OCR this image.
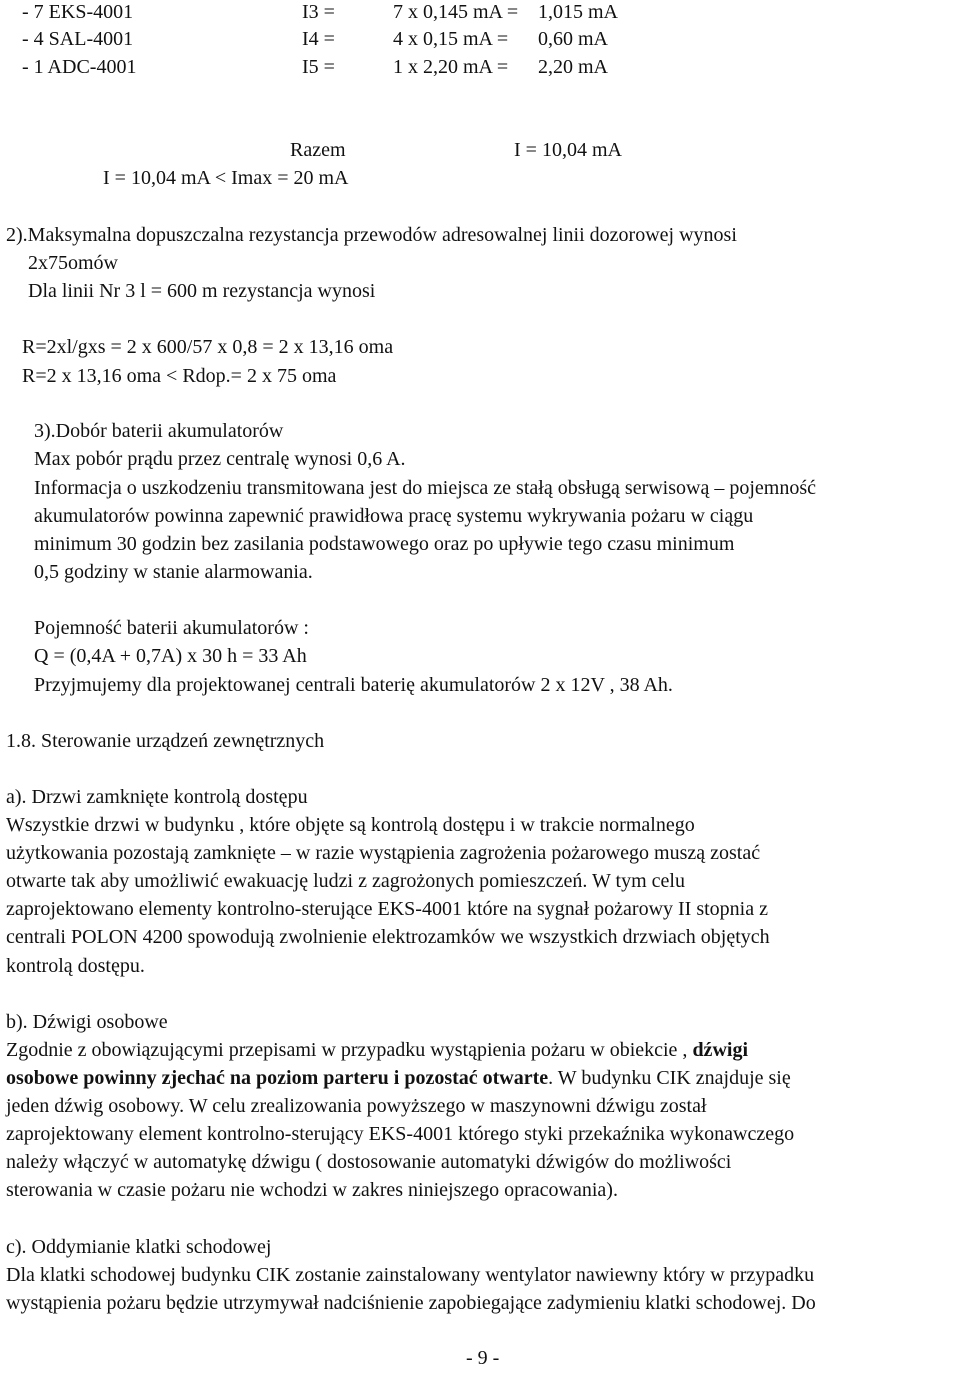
- 7 EKS-4001	I3 =	7 x 0,145 mA = 1,015 mA
- 4 SAL-4001	I4 =	4 x 0,15 mA = 0,60 mA
- 1 ADC-4001	I5 =	1 x 2,20 mA = 2,20 mA
Razem	I = 10,04 mA
I = 10,04 mA < Imax = 20 mA
2).Maksymalna dopuszczalna rezystancja przewodów adresowalnej linii dozorowej wynosi
2x75omów
Dla linii Nr 3 l = 600 m rezystancja wynosi
R=2xl/gxs = 2 x 600/57 x 0,8 = 2 x 13,16 oma
R=2 x 13,16 oma < Rdop.= 2 x 75 oma
3).Dobór baterii akumulatorów
Max pobór prądu przez centralę wynosi 0,6 A.
Informacja o uszkodzeniu transmitowana jest do miejsca ze stałą obsługą serwisową – pojemność
akumulatorów powinna zapewnić prawidłowa pracę systemu wykrywania pożaru w ciągu
minimum 30 godzin bez zasilania podstawowego oraz po upływie tego czasu minimum
0,5 godziny w stanie alarmowania.
Pojemność baterii akumulatorów :
Q = (0,4A + 0,7A) x 30 h = 33 Ah
Przyjmujemy dla projektowanej centrali baterię akumulatorów 2 x 12V , 38 Ah.
1.8. Sterowanie urządzeń zewnętrznych
a). Drzwi zamknięte kontrolą dostępu
Wszystkie drzwi w budynku , które objęte są kontrolą dostępu i w trakcie normalnego
użytkowania pozostają zamknięte – w razie wystąpienia zagrożenia pożarowego muszą zostać
otwarte tak aby umożliwić ewakuację ludzi z zagrożonych pomieszczeń. W tym celu
zaprojektowano elementy kontrolno-sterujące EKS-4001 które na sygnał pożarowy II stopnia z
centrali POLON 4200 spowodują zwolnienie elektrozamków we wszystkich drzwiach objętych
kontrolą dostępu.
b). Dźwigi osobowe
Zgodnie z obowiązującymi przepisami w przypadku wystąpienia pożaru w obiekcie , dźwigi
osobowe powinny zjechać na poziom parteru i pozostać otwarte. W budynku CIK znajduje się
jeden dźwig osobowy. W celu zrealizowania powyższego w maszynowni dźwigu został
zaprojektowany element kontrolno-sterujący EKS-4001 którego styki przekaźnika wykonawczego
należy włączyć w automatykę dźwigu ( dostosowanie automatyki dźwigów do możliwości
sterowania w czasie pożaru nie wchodzi w zakres niniejszego opracowania).
c). Oddymianie klatki schodowej
Dla klatki schodowej budynku CIK zostanie zainstalowany wentylator nawiewny który w przypadku
wystąpienia pożaru będzie utrzymywał nadciśnienie zapobiegające zadymieniu klatki schodowej. Do
- 9 -
